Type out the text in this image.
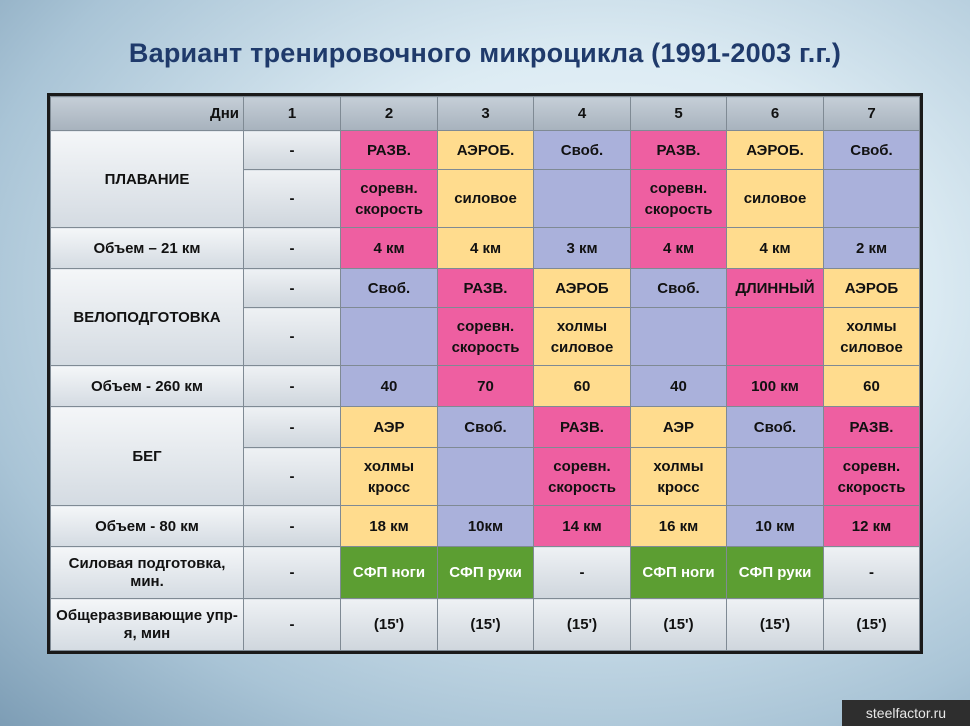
Вариант тренировочного микроцикла (1991-2003 г.г.)
Дни	1	2	3	4	5	6	7
ПЛАВАНИЕ	-	РАЗВ.	АЭРОБ.	Своб.	РАЗВ.	АЭРОБ.	Своб.
	-	соревн. скорость	силовое		соревн. скорость	силовое	
Объем – 21 км	-	4 км	4 км	3 км	4 км	4 км	2 км
ВЕЛОПОДГОТОВКА	-	Своб.	РАЗВ.	АЭРОБ	Своб.	ДЛИННЫЙ	АЭРОБ
	-		соревн. скорость	холмы силовое			холмы силовое
Объем - 260 км	-	40	70	60	40	100 км	60
БЕГ	-	АЭР	Своб.	РАЗВ.	АЭР	Своб.	РАЗВ.
	-	холмы кросс		соревн. скорость	холмы кросс		соревн. скорость
Объем - 80 км	-	18 км	10км	14 км	16 км	10 км	12 км
Силовая подготовка, мин.	-	СФП ноги	СФП руки	-	СФП ноги	СФП руки	-
Общеразвивающие упр-я, мин	-	(15')	(15')	(15')	(15')	(15')	(15')
steelfactor.ru
